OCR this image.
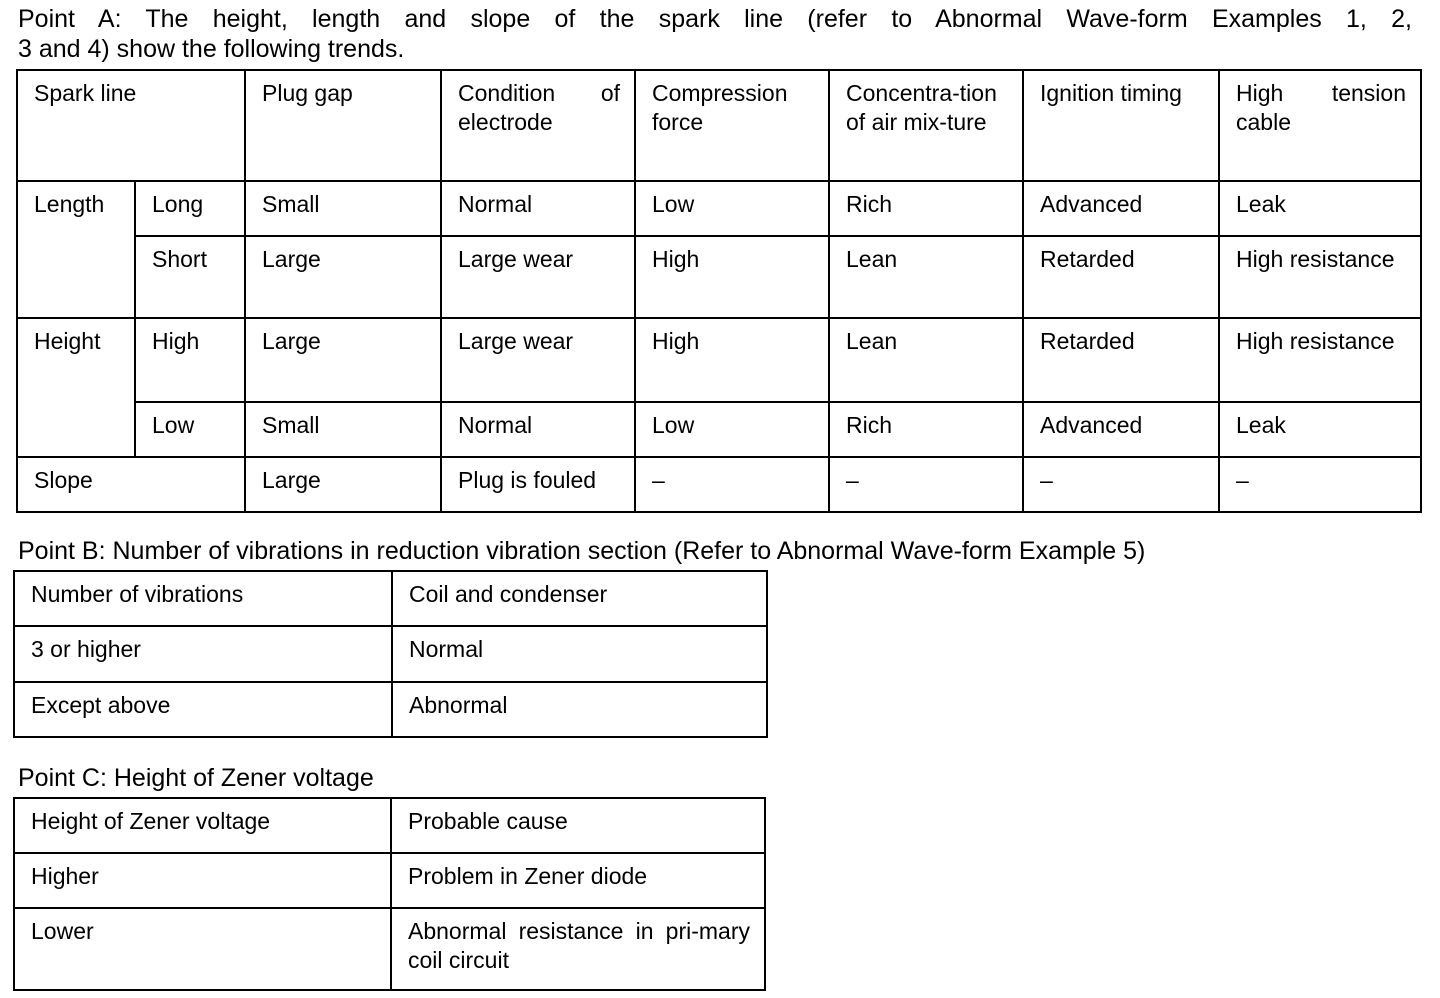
Point A: The height, length and slope of the spark line (refer to Abnormal Wave-form Examples 1, 2,
3 and 4) show the following trends.

Spark line		Plug gap	Condition of electrode	Compression force	Concentra-tion of air mix-ture	Ignition timing	High tension cable
Length	Long	Small	Normal	Low	Rich	Advanced	Leak
	Short	Large	Large wear	High	Lean	Retarded	High resistance
Height	High	Large	Large wear	High	Lean	Retarded	High resistance
	Low	Small	Normal	Low	Rich	Advanced	Leak
Slope		Large	Plug is fouled	–	–	–	–

Point B: Number of vibrations in reduction vibration section (Refer to Abnormal Wave-form Example 5)

Number of vibrations	Coil and condenser
3 or higher	Normal
Except above	Abnormal

Point C: Height of Zener voltage

Height of Zener voltage	Probable cause
Higher	Problem in Zener diode
Lower	Abnormal resistance in pri-mary coil circuit
